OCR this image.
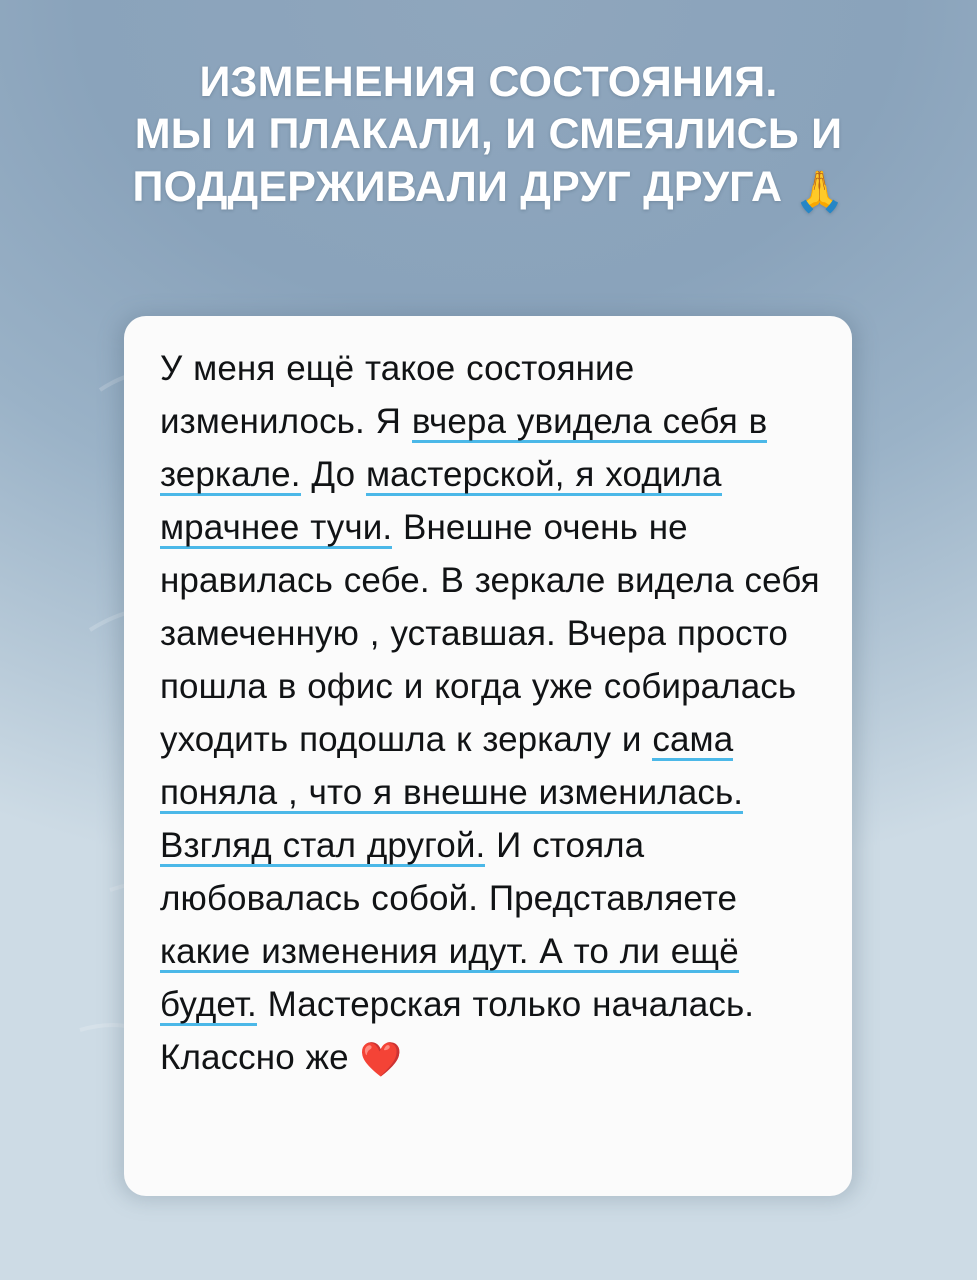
ИЗМЕНЕНИЯ СОСТОЯНИЯ.
МЫ И ПЛАКАЛИ, И СМЕЯЛИСЬ И
ПОДДЕРЖИВАЛИ ДРУГ ДРУГА 🙏

У меня ещё такое состояние изменилось. Я вчера увидела себя в зеркале. До мастерской, я ходила мрачнее тучи. Внешне очень не нравилась себе. В зеркале видела себя замеченную , уставшая. Вчера просто пошла в офис и когда уже собиралась уходить подошла к зеркалу и сама поняла , что я внешне изменилась. Взгляд стал другой. И стояла любовалась собой. Представляете какие изменения идут. А то ли ещё будет. Мастерская только началась. Классно же ❤️
